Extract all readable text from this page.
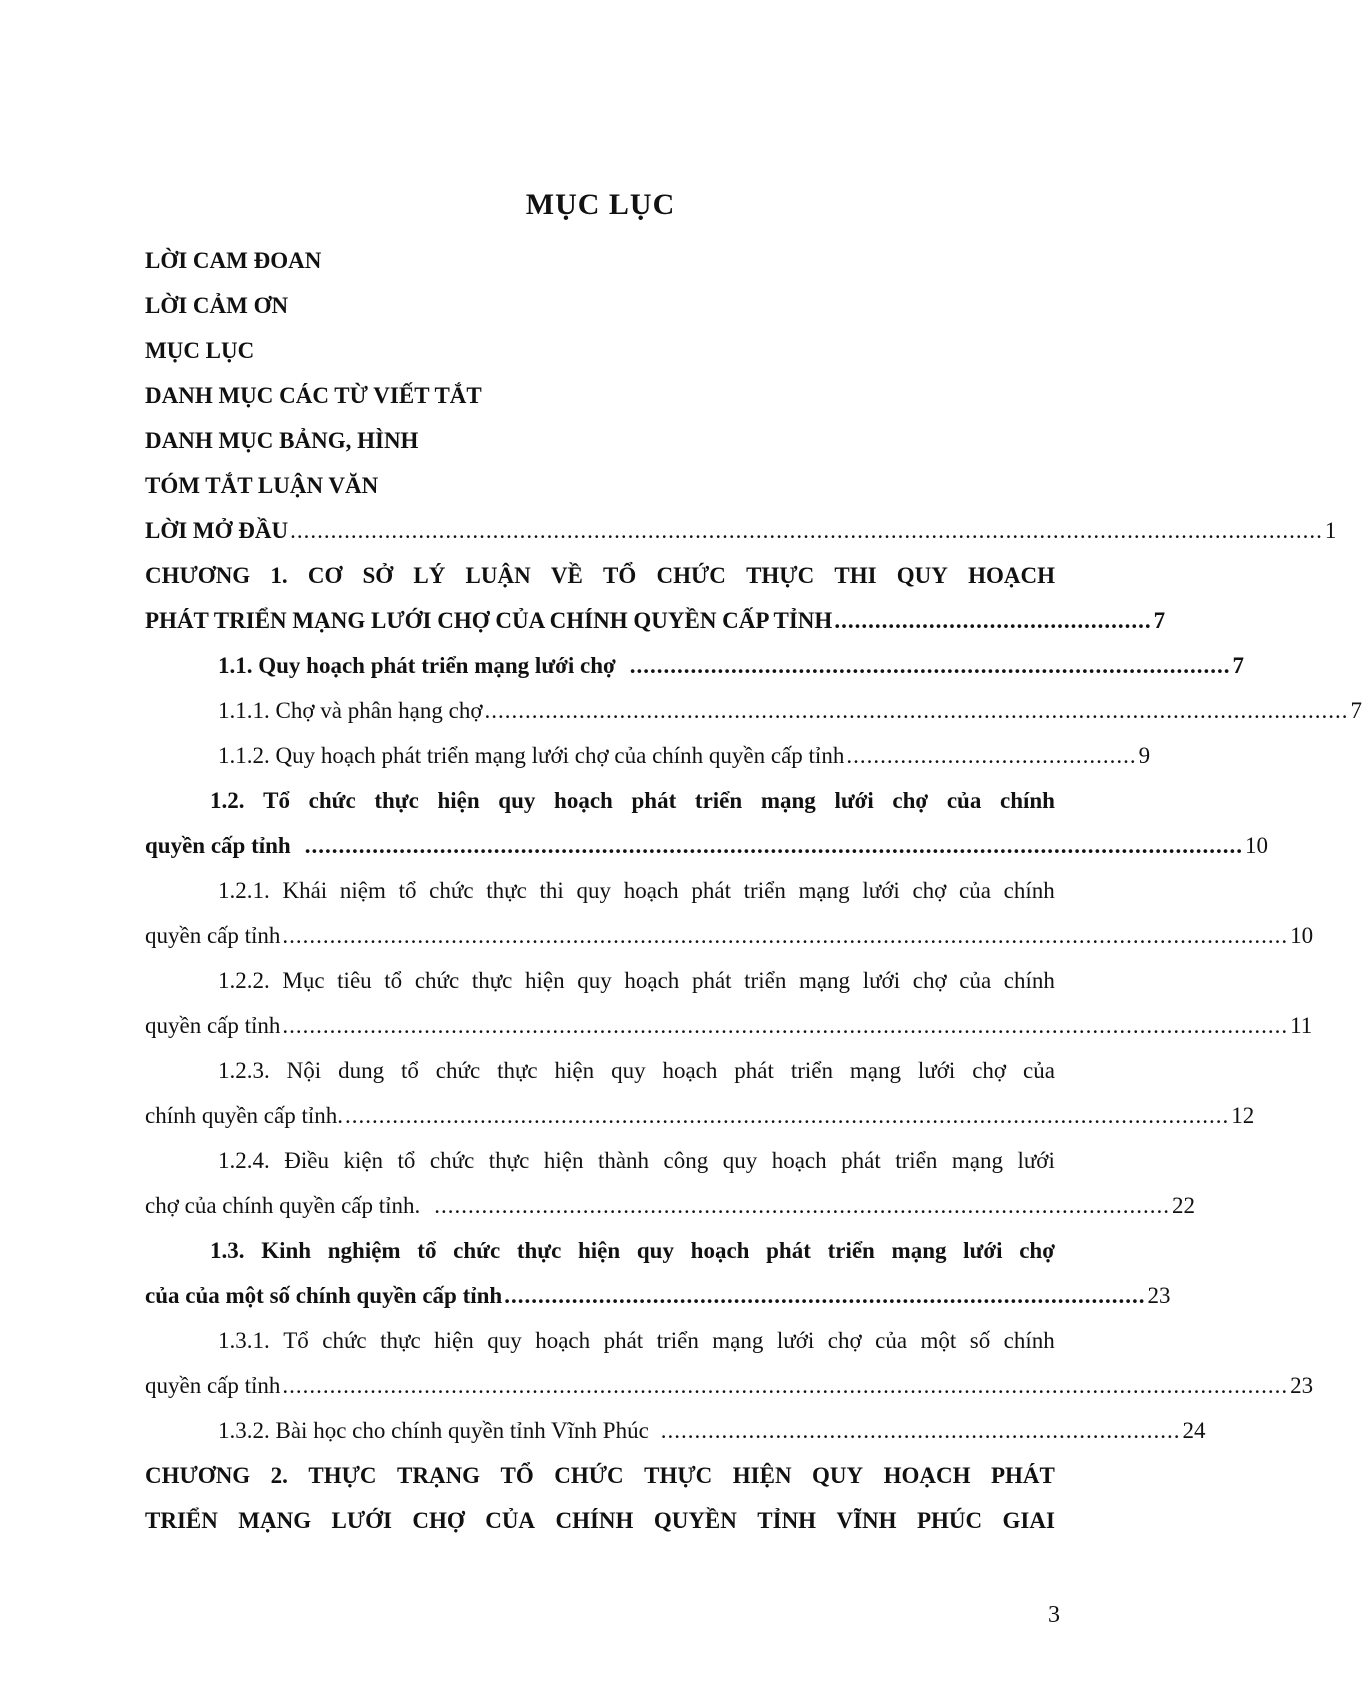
MỤC LỤC
LỜI CAM ĐOAN
LỜI CẢM ƠN
MỤC LỤC
DANH MỤC CÁC TỪ VIẾT TẮT
DANH MỤC BẢNG, HÌNH
TÓM TẮT LUẬN VĂN
LỜI MỞ ĐẦU ......................................................................................................................................................... 1
CHƯƠNG 1. CƠ SỞ LÝ LUẬN VỀ TỔ CHỨC THỰC THI QUY HOẠCH
PHÁT TRIỂN MẠNG LƯỚI CHỢ CỦA CHÍNH QUYỀN CẤP TỈNH ............................................... 7
1.1. Quy hoạch phát triển mạng lưới chợ ......................................................................................... 7
1.1.1. Chợ và phân hạng chợ ................................................................................................................................ 7
1.1.2. Quy hoạch phát triển mạng lưới chợ của chính quyền cấp tỉnh ........................................... 9
1.2. Tổ chức thực hiện quy hoạch phát triển mạng lưới chợ của chính
quyền cấp tỉnh ........................................................................................................................................... 10
1.2.1. Khái niệm tổ chức thực thi quy hoạch phát triển mạng lưới chợ của chính
quyền cấp tỉnh ..................................................................................................................................................... 10
1.2.2. Mục tiêu tổ chức thực hiện quy hoạch phát triển mạng lưới chợ của chính
quyền cấp tỉnh ..................................................................................................................................................... 11
1.2.3. Nội dung tổ chức thực hiện quy hoạch phát triển mạng lưới chợ của
chính quyền cấp tỉnh. ................................................................................................................................... 12
1.2.4. Điều kiện tổ chức thực hiện thành công quy hoạch phát triển mạng lưới
chợ của chính quyền cấp tỉnh. ............................................................................................................. 22
1.3. Kinh nghiệm tổ chức thực hiện quy hoạch phát triển mạng lưới chợ
của của một số chính quyền cấp tỉnh ............................................................................................... 23
1.3.1. Tổ chức thực hiện quy hoạch phát triển mạng lưới chợ của một số chính
quyền cấp tỉnh ..................................................................................................................................................... 23
1.3.2. Bài học cho chính quyền tỉnh Vĩnh Phúc ............................................................................. 24
CHƯƠNG 2. THỰC TRẠNG TỔ CHỨC THỰC HIỆN QUY HOẠCH PHÁT
TRIỂN MẠNG LƯỚI CHỢ CỦA CHÍNH QUYỀN TỈNH VĨNH PHÚC GIAI
3
